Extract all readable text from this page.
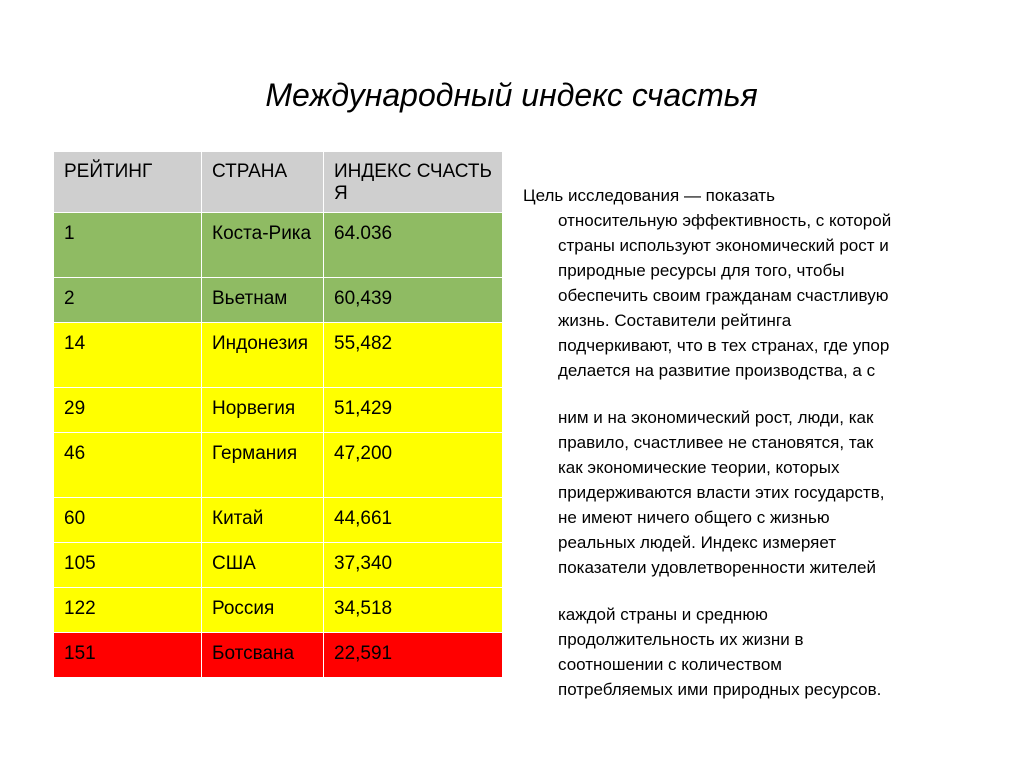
Международный индекс счастья
РЕЙТИНГ	СТРАНА	ИНДЕКС СЧАСТЬЯ
1	Коста-Рика	64.036
2	Вьетнам	60,439
14	Индонезия	55,482
29	Норвегия	51,429
46	Германия	47,200
60	Китай	44,661
105	США	37,340
122	Россия	34,518
151	Ботсвана	22,591
Цель исследования — показать
относительную эффективность, с которой
страны используют экономический рост и
природные ресурсы для того, чтобы
обеспечить своим гражданам счастливую
жизнь. Составители рейтинга
подчеркивают, что в тех странах, где упор
делается на развитие производства, а с
ним и на экономический рост, люди, как
правило, счастливее не становятся, так
как экономические теории, которых
придерживаются власти этих государств,
не имеют ничего общего с жизнью
реальных людей. Индекс измеряет
показатели удовлетворенности жителей
каждой страны и среднюю
продолжительность их жизни в
соотношении с количеством
потребляемых ими природных ресурсов.
